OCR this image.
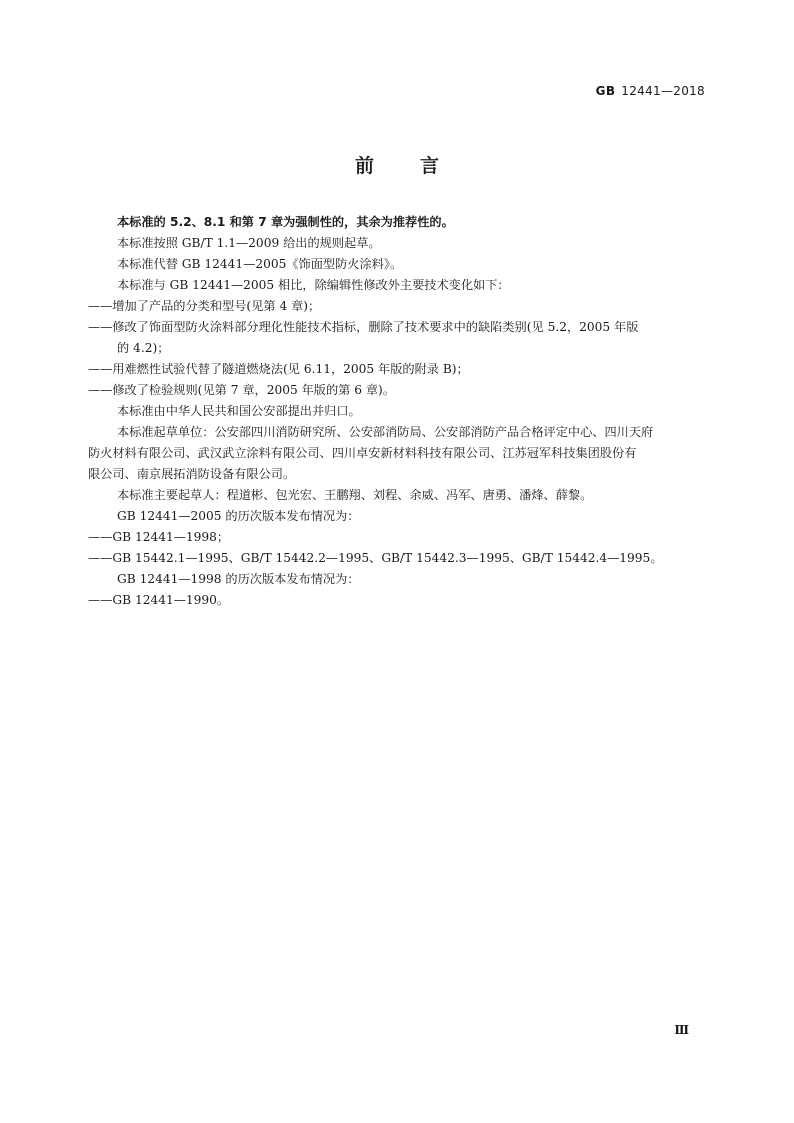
GB 12441—2018
前言
本标准的 5.2、8.1 和第 7 章为强制性的，其余为推荐性的。
本标准按照 GB/T 1.1—2009 给出的规则起草。
本标准代替 GB 12441—2005《饰面型防火涂料》。
本标准与 GB 12441—2005 相比，除编辑性修改外主要技术变化如下：
——增加了产品的分类和型号(见第 4 章)；
——修改了饰面型防火涂料部分理化性能技术指标，删除了技术要求中的缺陷类别(见 5.2，2005 年版
的 4.2)；
——用难燃性试验代替了隧道燃烧法(见 6.11，2005 年版的附录 B)；
——修改了检验规则(见第 7 章，2005 年版的第 6 章)。
本标准由中华人民共和国公安部提出并归口。
本标准起草单位：公安部四川消防研究所、公安部消防局、公安部消防产品合格评定中心、四川天府
防火材料有限公司、武汉武立涂料有限公司、四川卓安新材料科技有限公司、江苏冠军科技集团股份有
限公司、南京展拓消防设备有限公司。
本标准主要起草人：程道彬、包光宏、王鹏翔、刘程、余威、冯军、唐勇、潘烽、薛黎。
GB 12441—2005 的历次版本发布情况为：
——GB 12441—1998；
——GB 15442.1—1995、GB/T 15442.2—1995、GB/T 15442.3—1995、GB/T 15442.4—1995。
GB 12441—1998 的历次版本发布情况为：
——GB 12441—1990。
Ⅲ
